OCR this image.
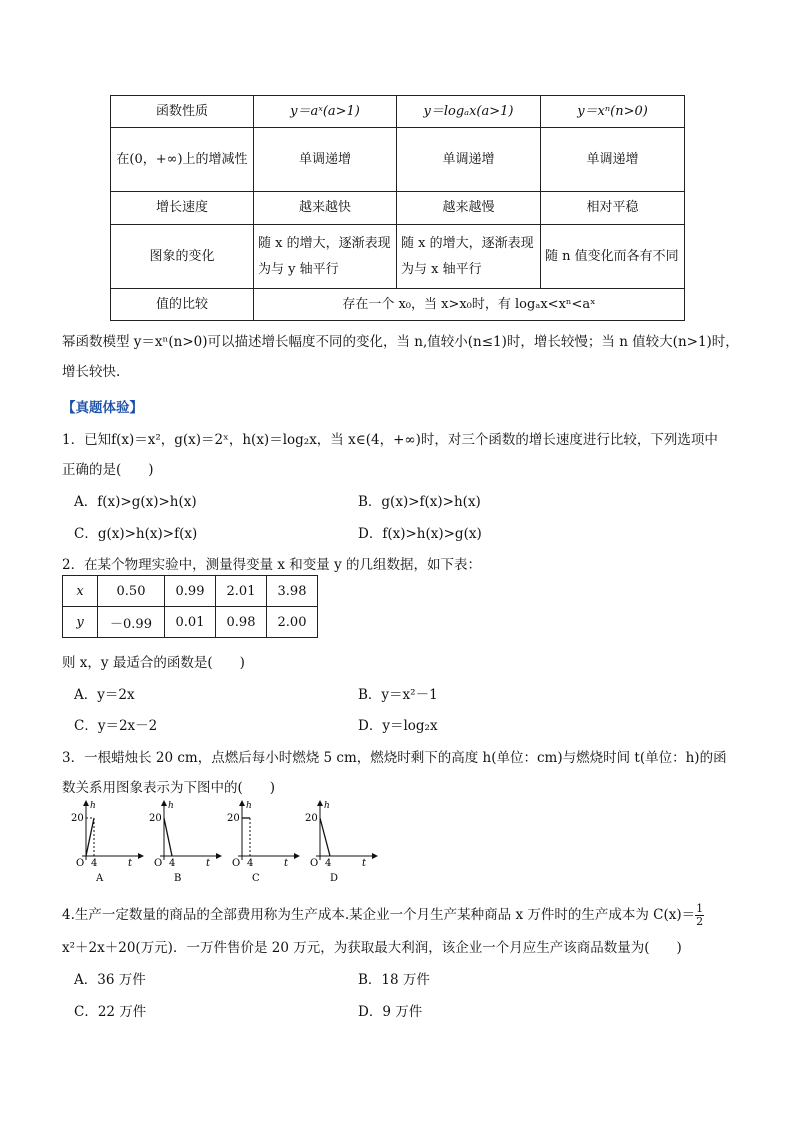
函数性质	y＝aˣ(a>1)	y＝logₐx(a>1)	y＝xⁿ(n>0)
在(0，+∞)上的增减性	单调递增	单调递增	单调递增
增长速度	越来越快	越来越慢	相对平稳
图象的变化	随 x 的增大，逐渐表现为与 y 轴平行	随 x 的增大，逐渐表现为与 x 轴平行	随 n 值变化而各有不同
值的比较	存在一个 x₀，当 x>x₀时，有 logₐx<xⁿ<aˣ		
幂函数模型 y＝xⁿ(n>0)可以描述增长幅度不同的变化，当 n,值较小(n≤1)时，增长较慢；当 n 值较大(n>1)时，
增长较快.
【真题体验】
1．已知f(x)＝x²，g(x)＝2ˣ，h(x)＝log₂x，当 x∈(4，+∞)时，对三个函数的增长速度进行比较，下列选项中
正确的是(　　)
A．f(x)>g(x)>h(x)	B．g(x)>f(x)>h(x)
C．g(x)>h(x)>f(x)	D．f(x)>h(x)>g(x)
2．在某个物理实验中，测量得变量 x 和变量 y 的几组数据，如下表：
x	0.50	0.99	2.01	3.98
y	－0.99	0.01	0.98	2.00
则 x，y 最适合的函数是(　　)
A．y＝2x	B．y＝x²－1
C．y＝2x－2	D．y＝log₂x
3．一根蜡烛长 20 cm，点燃后每小时燃烧 5 cm，燃烧时剩下的高度 h(单位：cm)与燃烧时间 t(单位：h)的函
数关系用图象表示为下图中的(　　)
h
20
O 4	t
A
h
20
O 4	t
B
h
20
O 4	t
C
h
20
O 4	t
D
4.生产一定数量的商品的全部费用称为生产成本.某企业一个月生产某种商品 x 万件时的生产成本为 $C(x)= \frac{1}{2}$
x²＋2x＋20(万元)．一万件售价是 20 万元，为获取最大利润，该企业一个月应生产该商品数量为(　　)
A．36 万件	B．18 万件
C．22 万件	D．9 万件
